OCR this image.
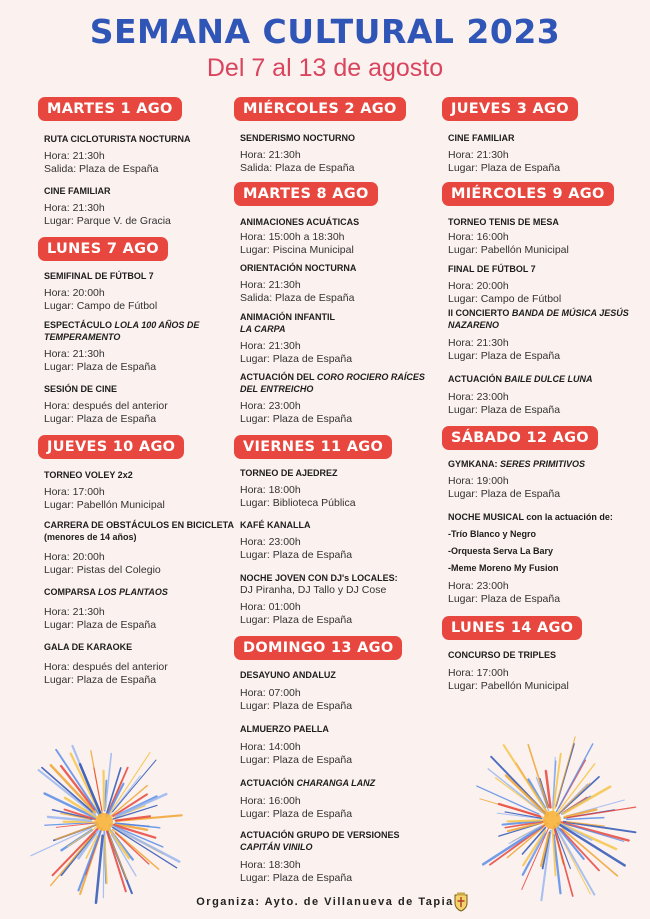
SEMANA CULTURAL 2023
Del 7 al 13 de agosto
MARTES 1 AGO
RUTA CICLOTURISTA NOCTURNA
Hora: 21:30h
Salida: Plaza de España
CINE FAMILIAR
Hora: 21:30h
Lugar: Parque V. de Gracia
LUNES 7 AGO
SEMIFINAL DE FÚTBOL 7
Hora: 20:00h
Lugar: Campo de Fútbol
ESPECTÁCULO LOLA 100 AÑOS DE TEMPERAMENTO
Hora: 21:30h
Lugar: Plaza de España
SESIÓN DE CINE
Hora: después del anterior
Lugar: Plaza de España
JUEVES 10 AGO
TORNEO VOLEY 2x2
Hora: 17:00h
Lugar: Pabellón Municipal
CARRERA DE OBSTÁCULOS EN BICICLETA (menores de 14 años)
Hora: 20:00h
Lugar: Pistas del Colegio
COMPARSA LOS PLANTAOS
Hora: 21:30h
Lugar: Plaza de España
GALA DE KARAOKE
Hora: después del anterior
Lugar: Plaza de España
MIÉRCOLES 2 AGO
SENDERISMO NOCTURNO
Hora: 21:30h
Salida: Plaza de España
MARTES 8 AGO
ANIMACIONES ACUÁTICAS
Hora: 15:00h a 18:30h
Lugar: Piscina Municipal
ORIENTACIÓN NOCTURNA
Hora: 21:30h
Salida: Plaza de España
ANIMACIÓN INFANTIL
LA CARPA
Hora: 21:30h
Lugar: Plaza de España
ACTUACIÓN DEL CORO ROCIERO RAÍCES DEL ENTREICHO
Hora: 23:00h
Lugar: Plaza de España
VIERNES 11 AGO
TORNEO DE AJEDREZ
Hora: 18:00h
Lugar: Biblioteca Pública
KAFÉ KANALLA
Hora: 23:00h
Lugar: Plaza de España
NOCHE JOVEN CON DJ's LOCALES:
DJ Piranha, DJ Tallo y DJ Cose
Hora: 01:00h
Lugar: Plaza de España
DOMINGO 13 AGO
DESAYUNO ANDALUZ
Hora: 07:00h
Lugar: Plaza de España
ALMUERZO PAELLA
Hora: 14:00h
Lugar: Plaza de España
ACTUACIÓN CHARANGA LANZ
Hora: 16:00h
Lugar: Plaza de España
ACTUACIÓN GRUPO DE VERSIONES CAPITÁN VINILO
Hora: 18:30h
Lugar: Plaza de España
JUEVES 3 AGO
CINE FAMILIAR
Hora: 21:30h
Lugar: Plaza de España
MIÉRCOLES 9 AGO
TORNEO TENIS DE MESA
Hora: 16:00h
Lugar: Pabellón Municipal
FINAL DE FÚTBOL 7
Hora: 20:00h
Lugar: Campo de Fútbol
II CONCIERTO BANDA DE MÚSICA JESÚS NAZARENO
Hora: 21:30h
Lugar: Plaza de España
ACTUACIÓN BAILE DULCE LUNA
Hora: 23:00h
Lugar: Plaza de España
SÁBADO 12 AGO
GYMKANA: SERES PRIMITIVOS
Hora: 19:00h
Lugar: Plaza de España
NOCHE MUSICAL con la actuación de:
-Trío Blanco y Negro
-Orquesta Serva La Bary
-Meme Moreno My Fusion
Hora: 23:00h
Lugar: Plaza de España
LUNES 14 AGO
CONCURSO DE TRIPLES
Hora: 17:00h
Lugar: Pabellón Municipal
Organiza: Ayto. de Villanueva de Tapia
